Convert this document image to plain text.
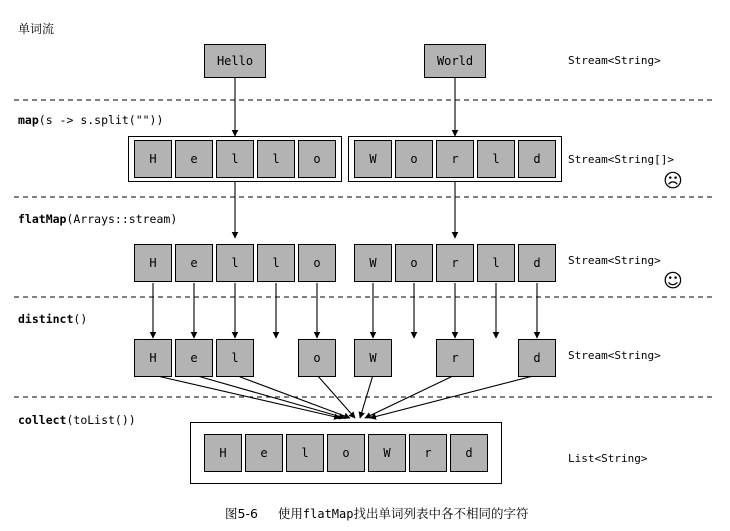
单词流
map(s -> s.split(""))
flatMap(Arrays::stream)
distinct()
collect(toList())
Stream<String>
Stream<String[]>
Stream<String>
Stream<String>
List<String>
☹
☺
Hello	World
H	e	l	l	o	W	o	r	l	d
H	e	l	l	o	W	o	r	l	d
H	e	l	o	W	r	d
H	e	l	o	W	r	d
图5-6 使用flatMap找出单词列表中各不相同的字符
